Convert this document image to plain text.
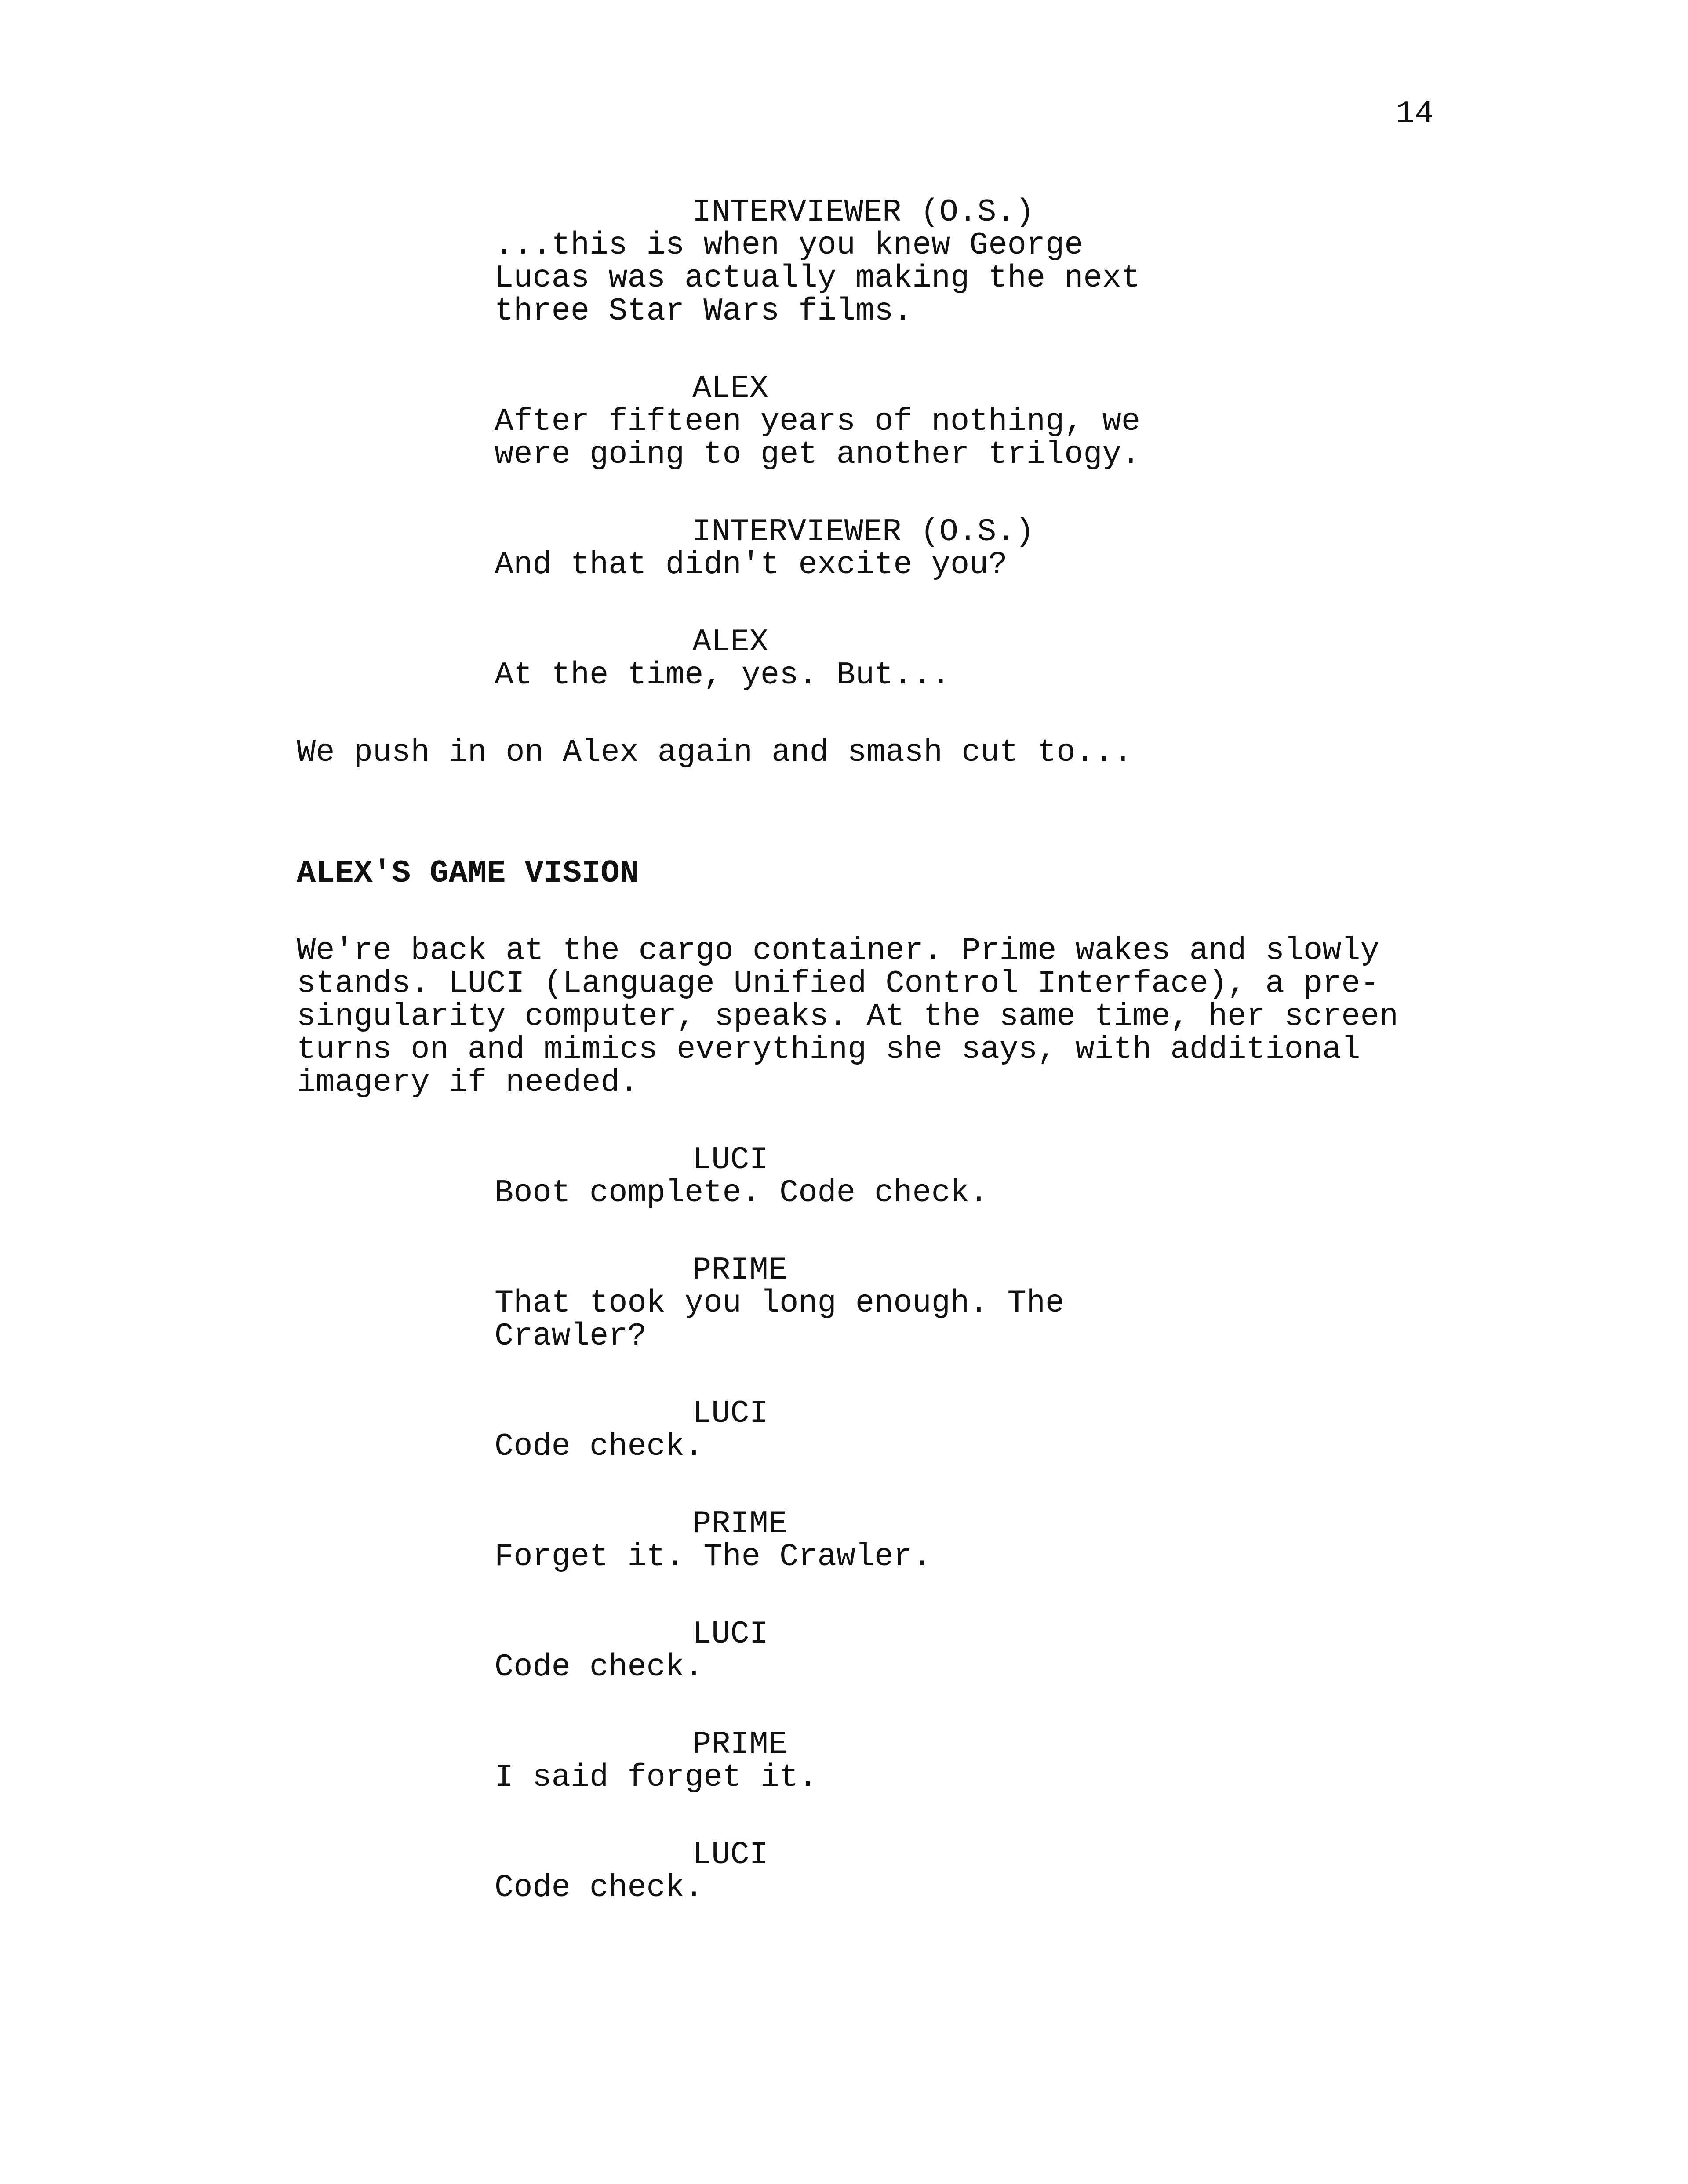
14
INTERVIEWER (O.S.)
...this is when you knew George
Lucas was actually making the next
three Star Wars films.
ALEX
After fifteen years of nothing, we
were going to get another trilogy.
INTERVIEWER (O.S.)
And that didn't excite you?
ALEX
At the time, yes. But...
We push in on Alex again and smash cut to...
ALEX'S GAME VISION
We're back at the cargo container. Prime wakes and slowly
stands. LUCI (Language Unified Control Interface), a pre-
singularity computer, speaks. At the same time, her screen
turns on and mimics everything she says, with additional
imagery if needed.
LUCI
Boot complete. Code check.
PRIME
That took you long enough. The
Crawler?
LUCI
Code check.
PRIME
Forget it. The Crawler.
LUCI
Code check.
PRIME
I said forget it.
LUCI
Code check.
